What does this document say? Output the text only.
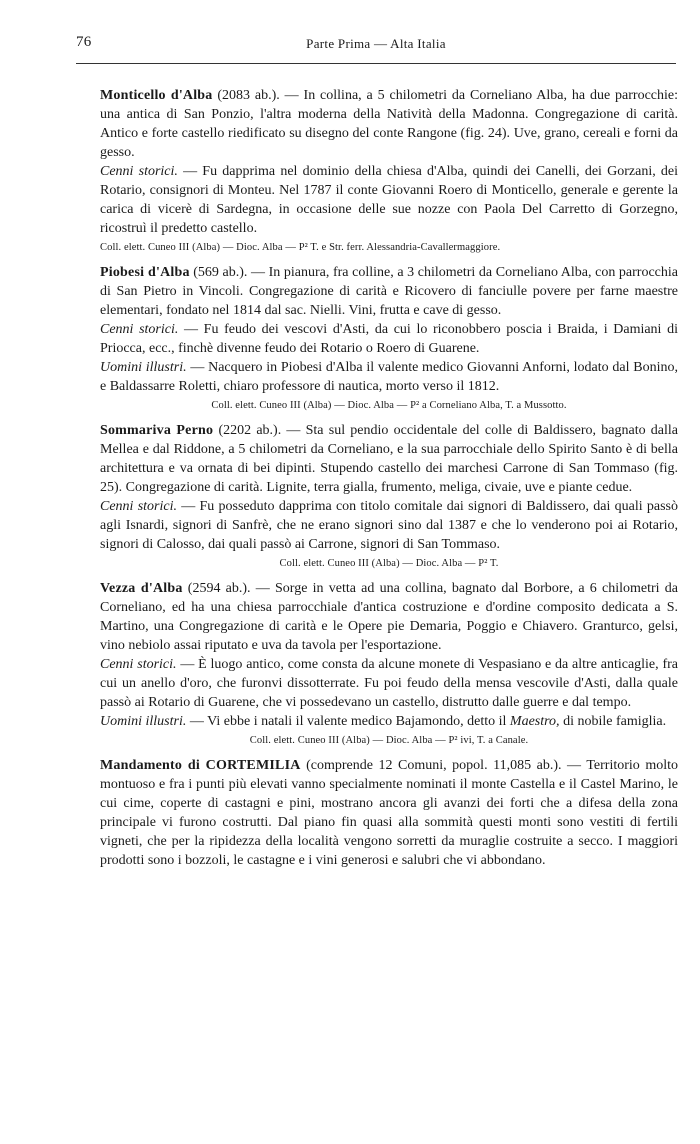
76	Parte Prima — Alta Italia

Monticello d'Alba (2083 ab.). — In collina, a 5 chilometri da Corneliano Alba, ha due parrocchie: una antica di San Ponzio, l'altra moderna della Natività della Madonna. Congregazione di carità. Antico e forte castello riedificato su disegno del conte Rangone (fig. 24). Uve, grano, cereali e forni da gesso.

Cenni storici. — Fu dapprima nel dominio della chiesa d'Alba, quindi dei Canelli, dei Gorzani, dei Rotario, consignori di Monteu. Nel 1787 il conte Giovanni Roero di Monticello, generale e gerente la carica di vicerè di Sardegna, in occasione delle sue nozze con Paola Del Carretto di Gorzegno, ricostruì il predetto castello.

Coll. elett. Cuneo III (Alba) — Dioc. Alba — P² T. e Str. ferr. Alessandria-Cavallermaggiore.

Piobesi d'Alba (569 ab.). — In pianura, fra colline, a 3 chilometri da Corneliano Alba, con parrocchia di San Pietro in Vincoli. Congregazione di carità e Ricovero di fanciulle povere per farne maestre elementari, fondato nel 1814 dal sac. Nielli. Vini, frutta e cave di gesso.

Cenni storici. — Fu feudo dei vescovi d'Asti, da cui lo riconobbero poscia i Braida, i Damiani di Priocca, ecc., finchè divenne feudo dei Rotario o Roero di Guarene.

Uomini illustri. — Nacquero in Piobesi d'Alba il valente medico Giovanni Anforni, lodato dal Bonino, e Baldassarre Roletti, chiaro professore di nautica, morto verso il 1812.

Coll. elett. Cuneo III (Alba) — Dioc. Alba — P² a Corneliano Alba, T. a Mussotto.

Sommariva Perno (2202 ab.). — Sta sul pendio occidentale del colle di Baldissero, bagnato dalla Mellea e dal Riddone, a 5 chilometri da Corneliano, e la sua parrocchiale dello Spirito Santo è di bella architettura e va ornata di bei dipinti. Stupendo castello dei marchesi Carrone di San Tommaso (fig. 25). Congregazione di carità. Lignite, terra gialla, frumento, meliga, civaie, uve e piante cedue.

Cenni storici. — Fu posseduto dapprima con titolo comitale dai signori di Baldissero, dai quali passò agli Isnardi, signori di Sanfrè, che ne erano signori sino dal 1387 e che lo venderono poi ai Rotario, signori di Calosso, dai quali passò ai Carrone, signori di San Tommaso.

Coll. elett. Cuneo III (Alba) — Dioc. Alba — P² T.

Vezza d'Alba (2594 ab.). — Sorge in vetta ad una collina, bagnato dal Borbore, a 6 chilometri da Corneliano, ed ha una chiesa parrocchiale d'antica costruzione e d'ordine composito dedicata a S. Martino, una Congregazione di carità e le Opere pie Demaria, Poggio e Chiavero. Granturco, gelsi, vino nebiolo assai riputato e uva da tavola per l'esportazione.

Cenni storici. — È luogo antico, come consta da alcune monete di Vespasiano e da altre anticaglie, fra cui un anello d'oro, che furonvi dissotterrate. Fu poi feudo della mensa vescovile d'Asti, dalla quale passò ai Rotario di Guarene, che vi possedevano un castello, distrutto dalle guerre e dal tempo.

Uomini illustri. — Vi ebbe i natali il valente medico Bajamondo, detto il Maestro, di nobile famiglia.

Coll. elett. Cuneo III (Alba) — Dioc. Alba — P² ivi, T. a Canale.

Mandamento di CORTEMILIA (comprende 12 Comuni, popol. 11,085 ab.). — Territorio molto montuoso e fra i punti più elevati vanno specialmente nominati il monte Castella e il Castel Marino, le cui cime, coperte di castagni e pini, mostrano ancora gli avanzi dei forti che a difesa della zona principale vi furono costrutti. Dal piano fin quasi alla sommità questi monti sono vestiti di fertili vigneti, che per la ripidezza della località vengono sorretti da muraglie costruite a secco. I maggiori prodotti sono i bozzoli, le castagne e i vini generosi e salubri che vi abbondano.
